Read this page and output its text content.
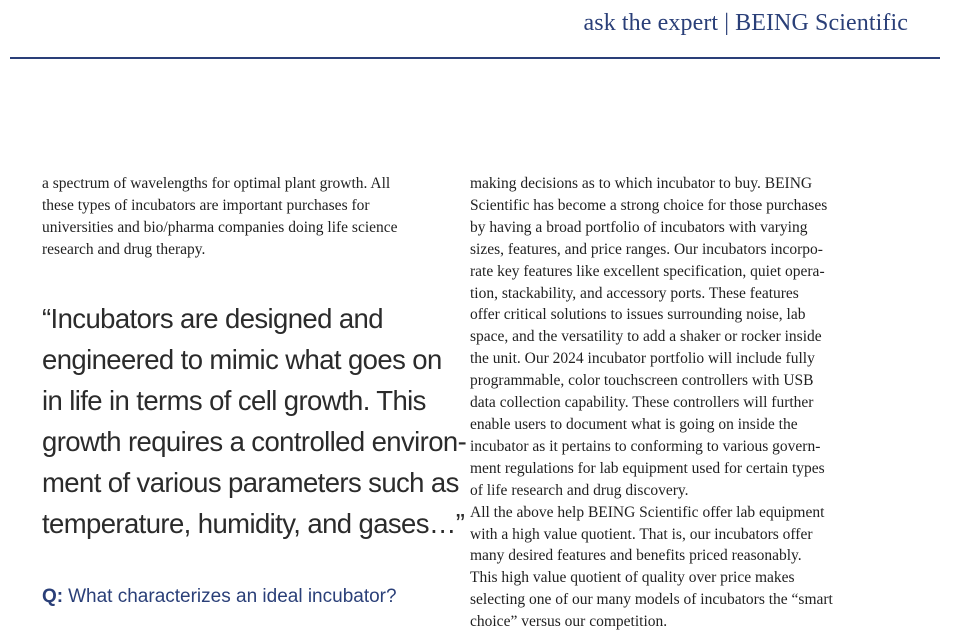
ask the expert | BEING Scientific
a spectrum of wavelengths for optimal plant growth. All
these types of incubators are important purchases for
universities and bio/pharma companies doing life science
research and drug therapy.
“Incubators are designed and
engineered to mimic what goes on
in life in terms of cell growth. This
growth requires a controlled environ-
ment of various parameters such as
temperature, humidity, and gases…”
Q: What characterizes an ideal incubator?
making decisions as to which incubator to buy. BEING
Scientific has become a strong choice for those purchases
by having a broad portfolio of incubators with varying
sizes, features, and price ranges. Our incubators incorpo-
rate key features like excellent specification, quiet opera-
tion, stackability, and accessory ports. These features
offer critical solutions to issues surrounding noise, lab
space, and the versatility to add a shaker or rocker inside
the unit. Our 2024 incubator portfolio will include fully
programmable, color touchscreen controllers with USB
data collection capability. These controllers will further
enable users to document what is going on inside the
incubator as it pertains to conforming to various govern-
ment regulations for lab equipment used for certain types
of life research and drug discovery.
All the above help BEING Scientific offer lab equipment
with a high value quotient. That is, our incubators offer
many desired features and benefits priced reasonably.
This high value quotient of quality over price makes
selecting one of our many models of incubators the “smart
choice” versus our competition.
